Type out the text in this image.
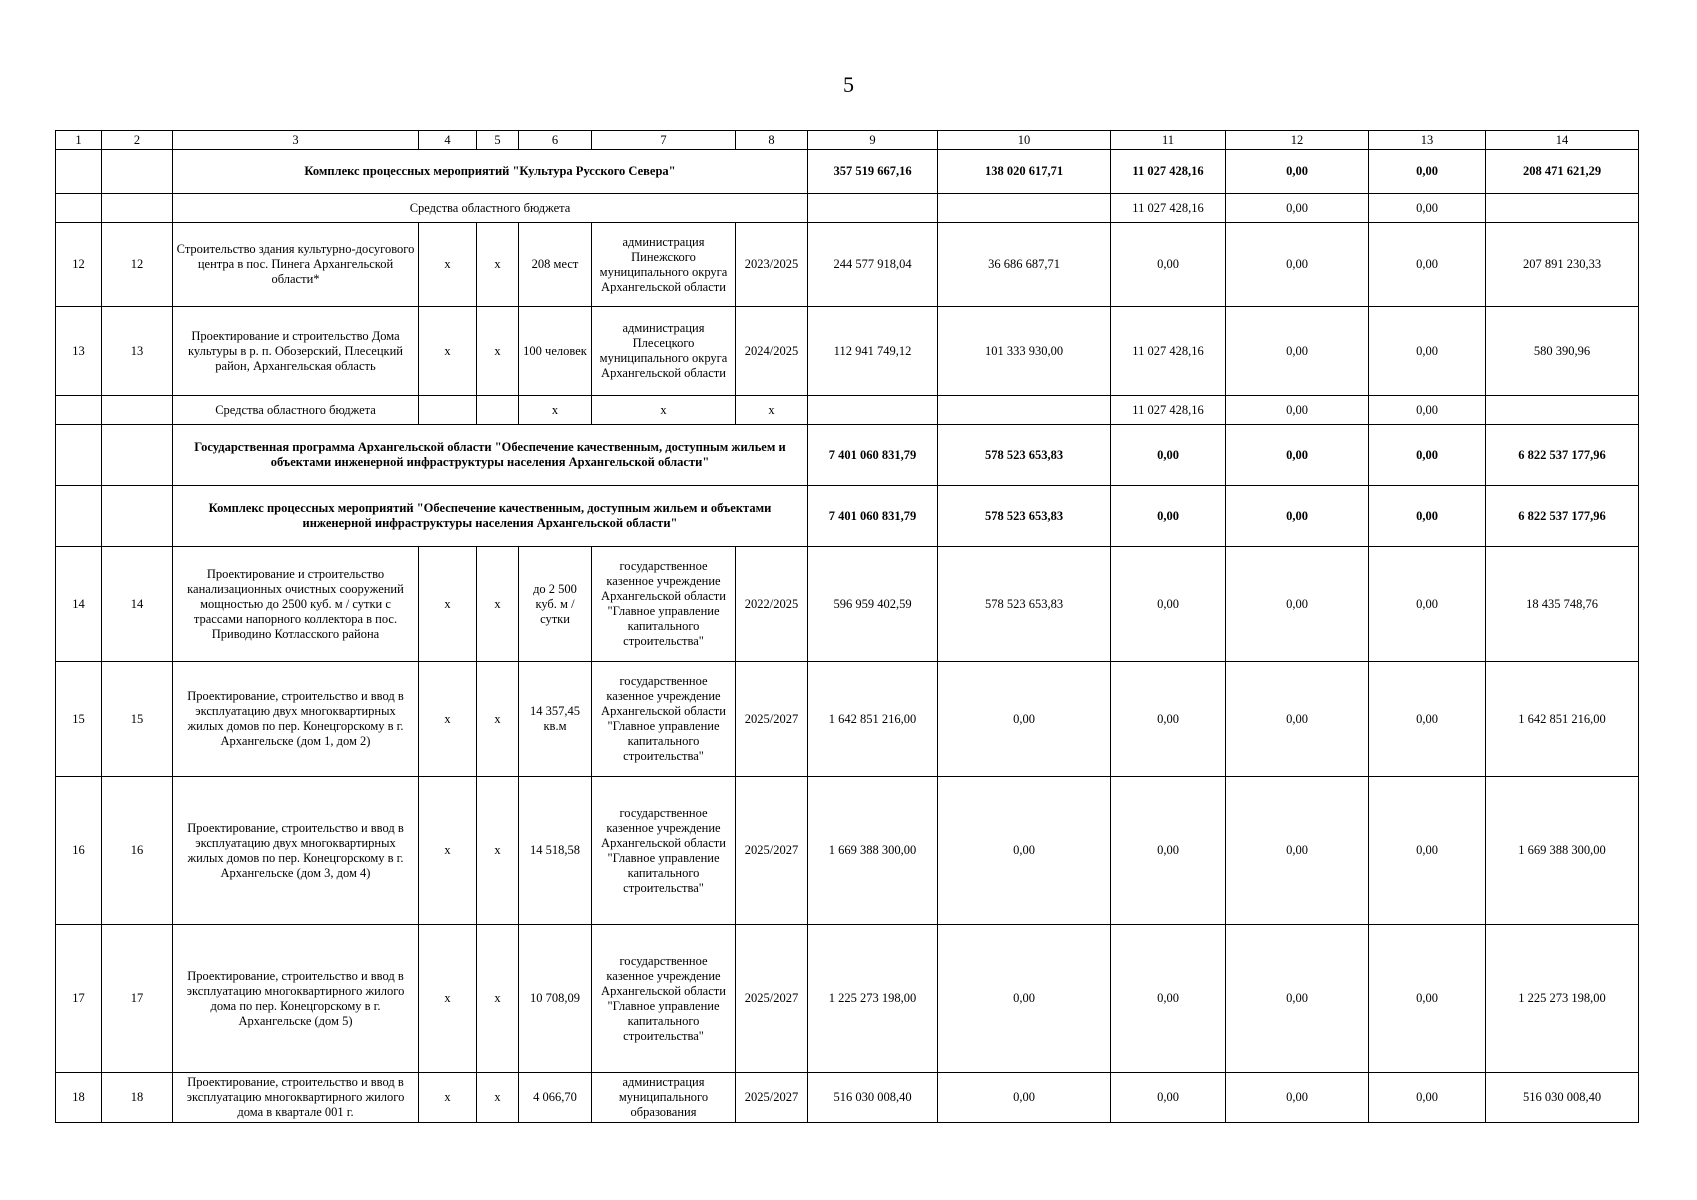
5
1	2	3	4	5	6	7	8	9	10	11	12	13	14
		Комплекс процессных мероприятий "Культура Русского Севера"						357 519 667,16	138 020 617,71	11 027 428,16	0,00	0,00	208 471 621,29
		Средства областного бюджета								11 027 428,16	0,00	0,00	
12	12	Строительство здания культурно-досугового центра в пос. Пинега Архангельской области*	х	х	208 мест	администрация Пинежского муниципального округа Архангельской области	2023/2025	244 577 918,04	36 686 687,71	0,00	0,00	0,00	207 891 230,33
13	13	Проектирование и строительство Дома культуры в р. п. Обозерский, Плесецкий район, Архангельская область	х	х	100 человек	администрация Плесецкого муниципального округа Архангельской области	2024/2025	112 941 749,12	101 333 930,00	11 027 428,16	0,00	0,00	580 390,96
		Средства областного бюджета			х	х	х			11 027 428,16	0,00	0,00	
		Государственная программа Архангельской области "Обеспечение качественным, доступным жильем и объектами инженерной инфраструктуры населения Архангельской области"						7 401 060 831,79	578 523 653,83	0,00	0,00	0,00	6 822 537 177,96
		Комплекс процессных мероприятий "Обеспечение качественным, доступным жильем и объектами инженерной инфраструктуры населения Архангельской области"						7 401 060 831,79	578 523 653,83	0,00	0,00	0,00	6 822 537 177,96
14	14	Проектирование и строительство канализационных очистных сооружений мощностью до 2500 куб. м / сутки с трассами напорного коллектора в пос. Приводино Котласского района	х	х	до 2 500 куб. м / сутки	государственное казенное учреждение Архангельской области "Главное управление капитального строительства"	2022/2025	596 959 402,59	578 523 653,83	0,00	0,00	0,00	18 435 748,76
15	15	Проектирование, строительство и ввод в эксплуатацию двух многоквартирных жилых домов по пер. Конецгорскому в г. Архангельске (дом 1, дом 2)	х	х	14 357,45 кв.м	государственное казенное учреждение Архангельской области "Главное управление капитального строительства"	2025/2027	1 642 851 216,00	0,00	0,00	0,00	0,00	1 642 851 216,00
16	16	Проектирование, строительство и ввод в эксплуатацию двух многоквартирных жилых домов по пер. Конецгорскому в г. Архангельске (дом 3, дом 4)	х	х	14 518,58	государственное казенное учреждение Архангельской области "Главное управление капитального строительства"	2025/2027	1 669 388 300,00	0,00	0,00	0,00	0,00	1 669 388 300,00
17	17	Проектирование, строительство и ввод в эксплуатацию многоквартирного жилого дома по пер. Конецгорскому в г. Архангельске (дом 5)	х	х	10 708,09	государственное казенное учреждение Архангельской области "Главное управление капитального строительства"	2025/2027	1 225 273 198,00	0,00	0,00	0,00	0,00	1 225 273 198,00
18	18	Проектирование, строительство и ввод в эксплуатацию многоквартирного жилого дома в квартале 001 г.	х	х	4 066,70	администрация муниципального образования	2025/2027	516 030 008,40	0,00	0,00	0,00	0,00	516 030 008,40
